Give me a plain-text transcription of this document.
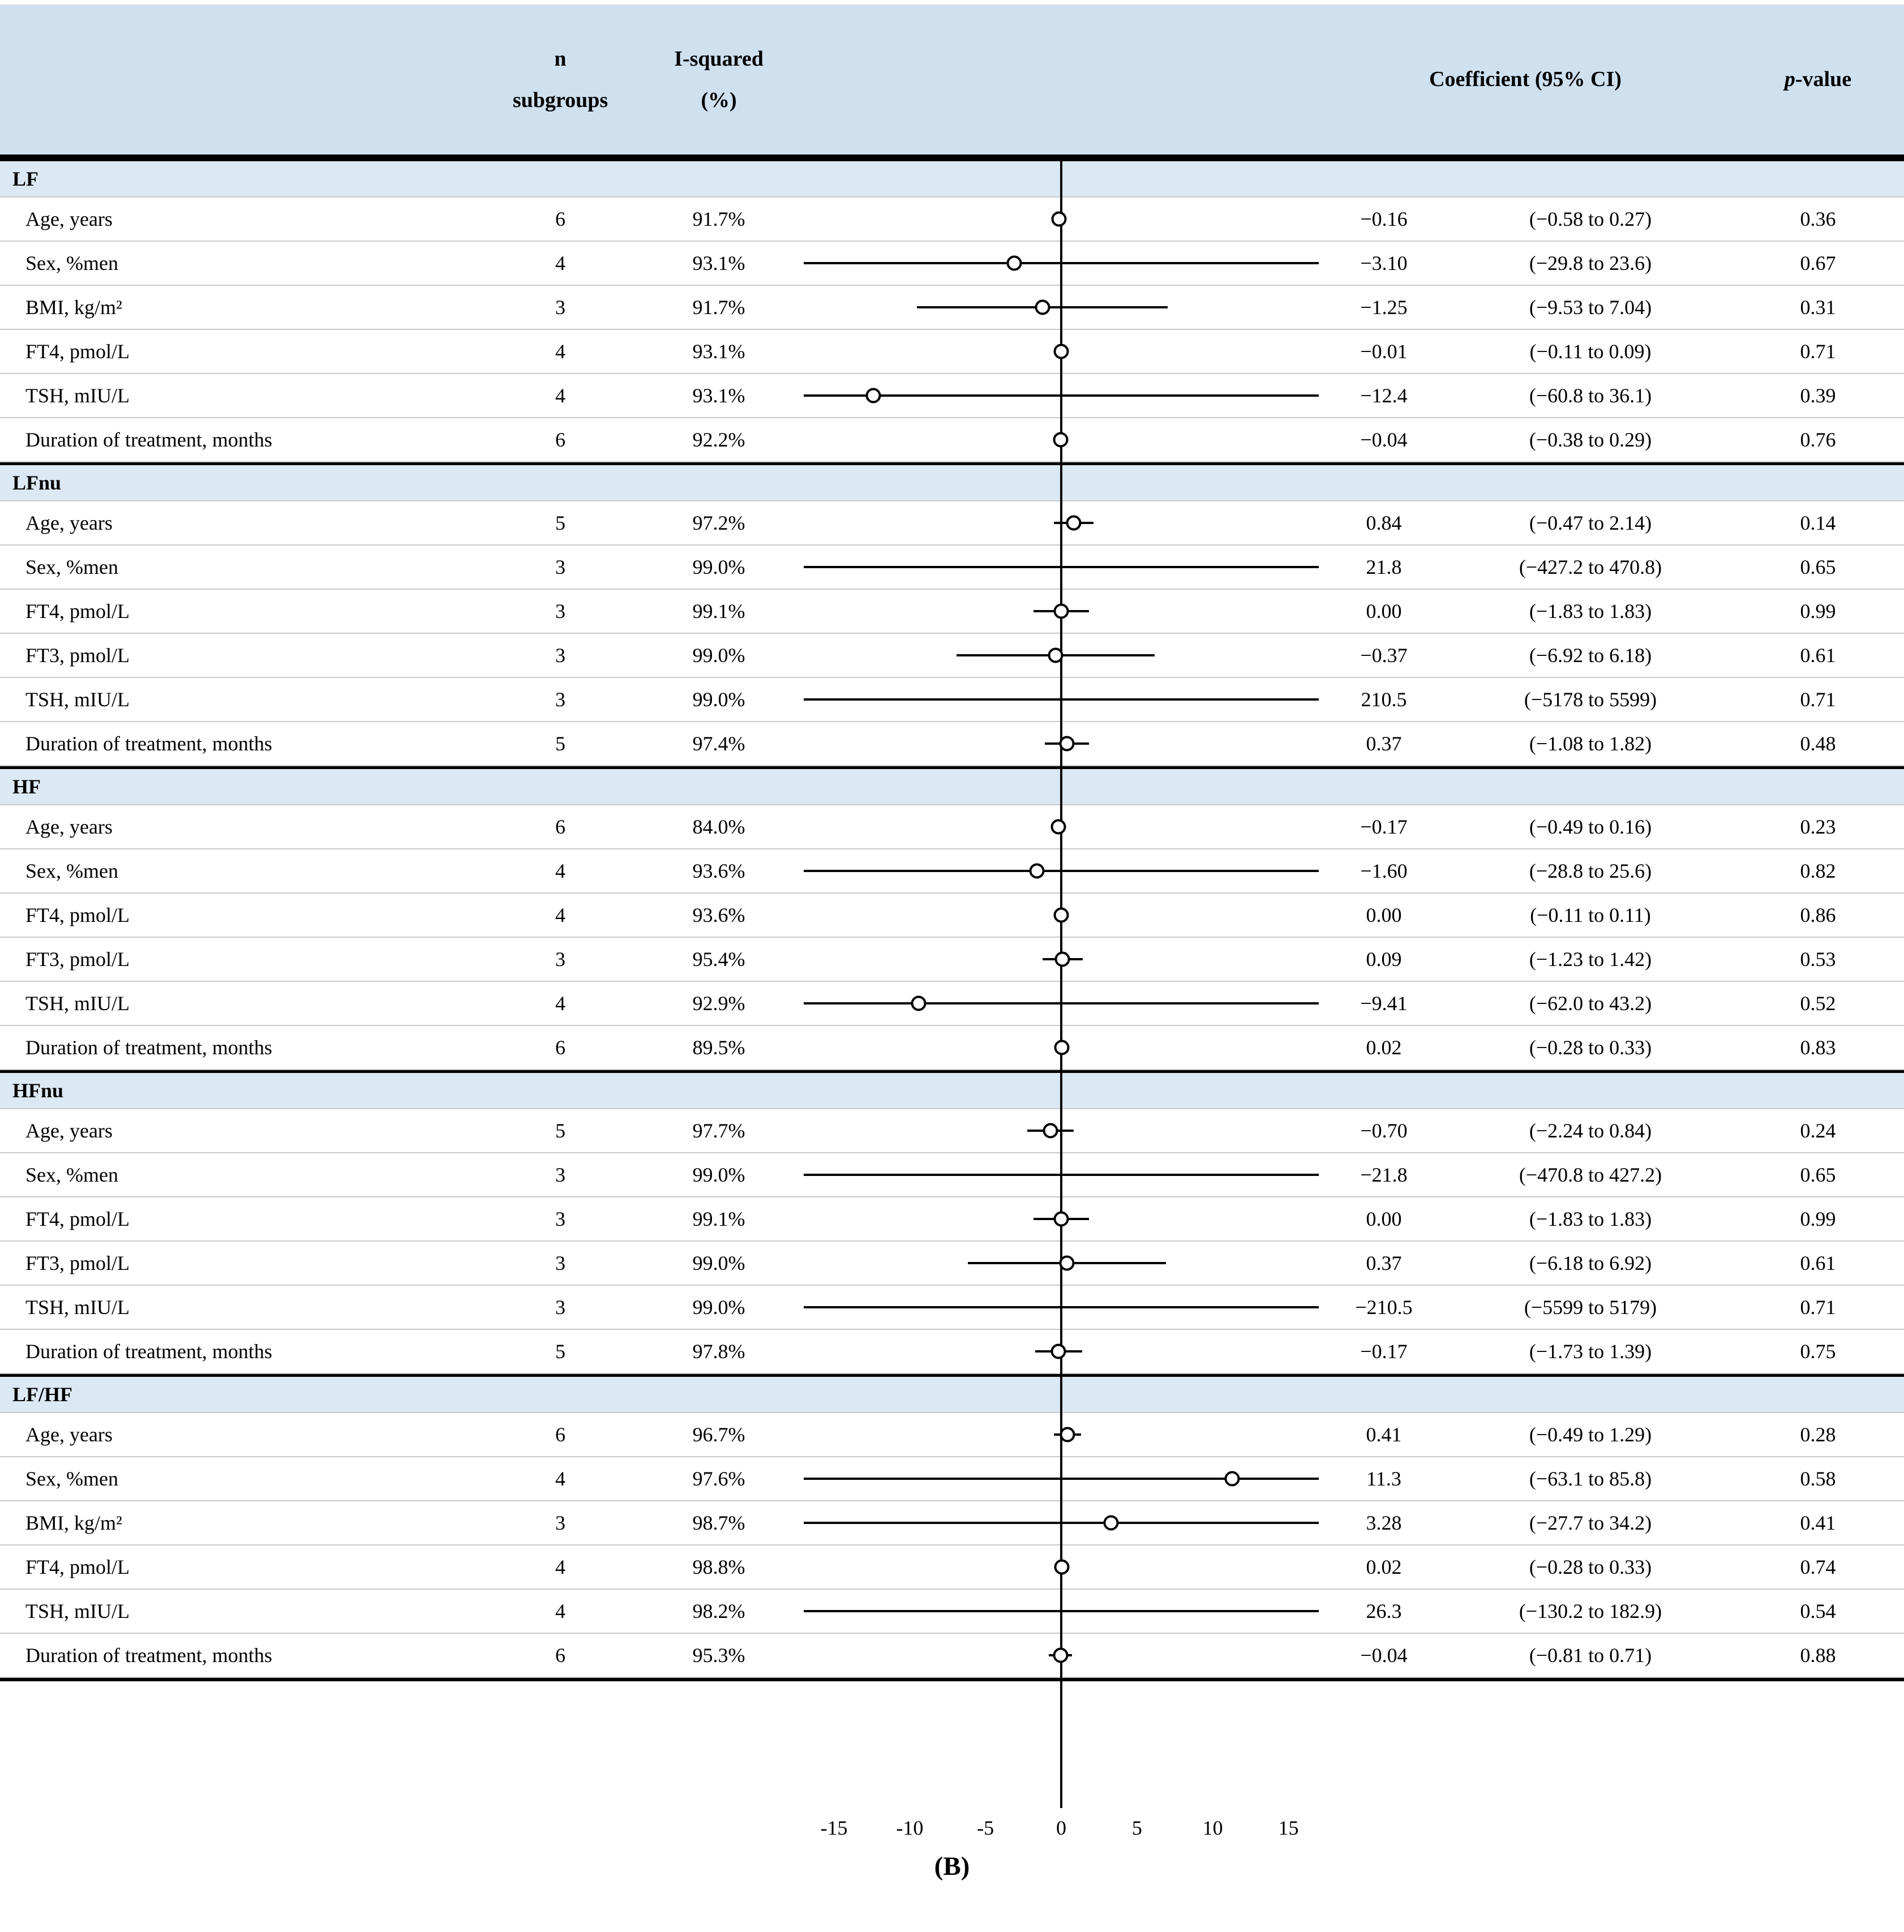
n
subgroups
I-squared
(%)
Coefficient (95% CI)	p-value
LF
Age, years	6	91.7%	−0.16	(−0.58 to 0.27)	0.36
Sex, %men	4	93.1%	−3.10	(−29.8 to 23.6)	0.67
BMI, kg/m²	3	91.7%	−1.25	(−9.53 to 7.04)	0.31
FT4, pmol/L	4	93.1%	−0.01	(−0.11 to 0.09)	0.71
TSH, mIU/L	4	93.1%	−12.4	(−60.8 to 36.1)	0.39
Duration of treatment, months	6	92.2%	−0.04	(−0.38 to 0.29)	0.76
LFnu
Age, years	5	97.2%	0.84	(−0.47 to 2.14)	0.14
Sex, %men	3	99.0%	21.8	(−427.2 to 470.8)	0.65
FT4, pmol/L	3	99.1%	0.00	(−1.83 to 1.83)	0.99
FT3, pmol/L	3	99.0%	−0.37	(−6.92 to 6.18)	0.61
TSH, mIU/L	3	99.0%	210.5	(−5178 to 5599)	0.71
Duration of treatment, months	5	97.4%	0.37	(−1.08 to 1.82)	0.48
HF
Age, years	6	84.0%	−0.17	(−0.49 to 0.16)	0.23
Sex, %men	4	93.6%	−1.60	(−28.8 to 25.6)	0.82
FT4, pmol/L	4	93.6%	0.00	(−0.11 to 0.11)	0.86
FT3, pmol/L	3	95.4%	0.09	(−1.23 to 1.42)	0.53
TSH, mIU/L	4	92.9%	−9.41	(−62.0 to 43.2)	0.52
Duration of treatment, months	6	89.5%	0.02	(−0.28 to 0.33)	0.83
HFnu
Age, years	5	97.7%	−0.70	(−2.24 to 0.84)	0.24
Sex, %men	3	99.0%	−21.8	(−470.8 to 427.2)	0.65
FT4, pmol/L	3	99.1%	0.00	(−1.83 to 1.83)	0.99
FT3, pmol/L	3	99.0%	0.37	(−6.18 to 6.92)	0.61
TSH, mIU/L	3	99.0%	−210.5	(−5599 to 5179)	0.71
Duration of treatment, months	5	97.8%	−0.17	(−1.73 to 1.39)	0.75
LF/HF
Age, years	6	96.7%	0.41	(−0.49 to 1.29)	0.28
Sex, %men	4	97.6%	11.3	(−63.1 to 85.8)	0.58
BMI, kg/m²	3	98.7%	3.28	(−27.7 to 34.2)	0.41
FT4, pmol/L	4	98.8%	0.02	(−0.28 to 0.33)	0.74
TSH, mIU/L	4	98.2%	26.3	(−130.2 to 182.9)	0.54
Duration of treatment, months	6	95.3%	−0.04	(−0.81 to 0.71)	0.88
-15 -10	-5	0	5	10	15
(B)
